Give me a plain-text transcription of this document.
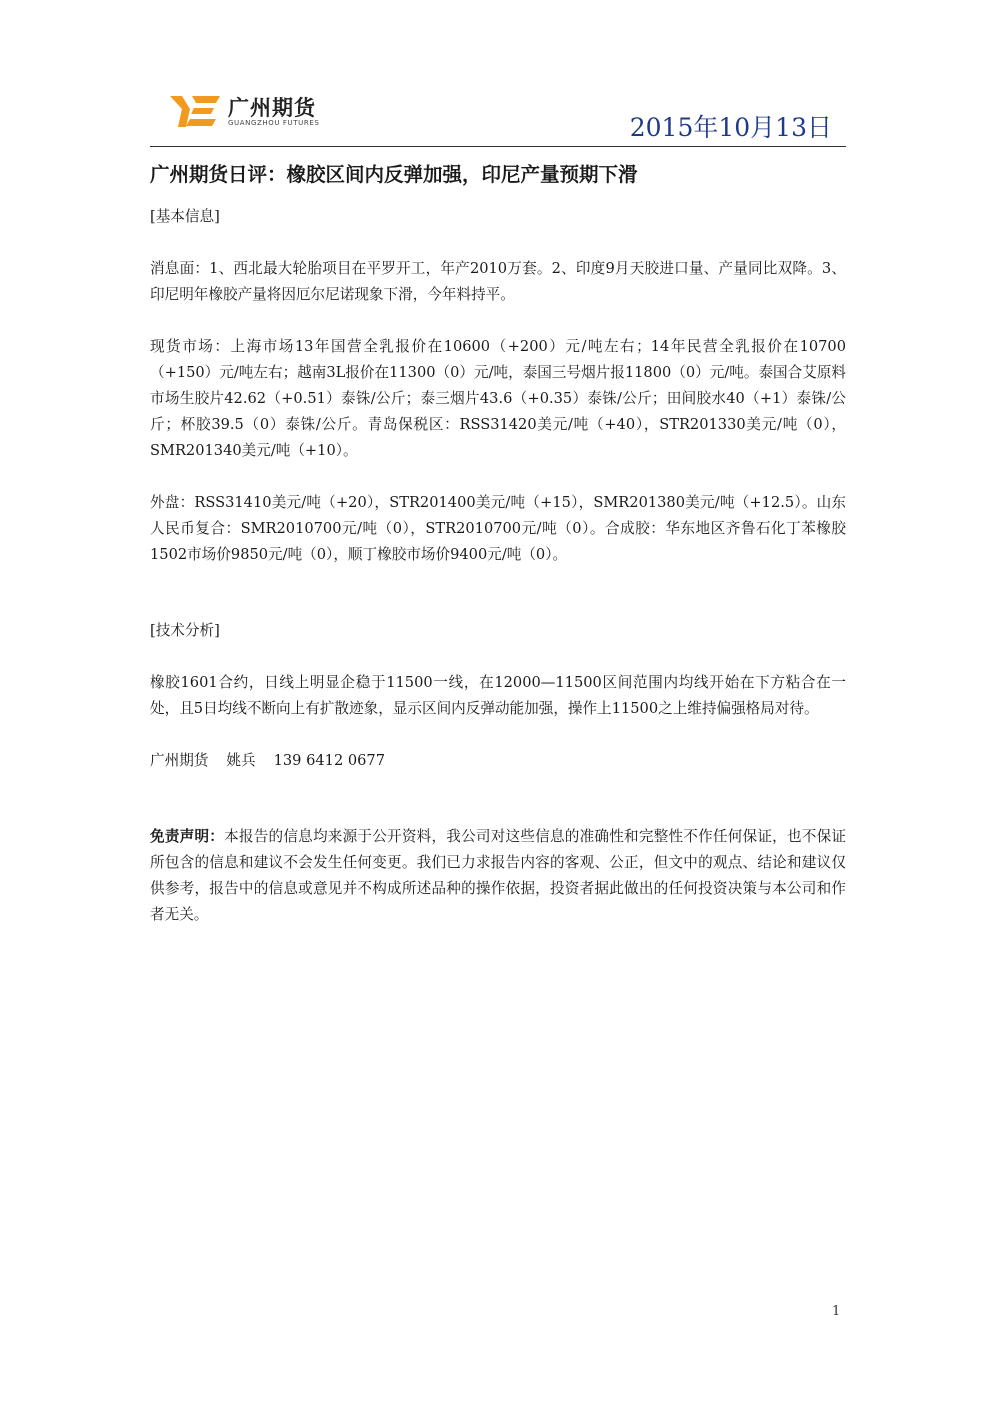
广州期货
GUANGZHOU FUTURES	2015年10月13日
广州期货日评：橡胶区间内反弹加强，印尼产量预期下滑

[基本信息]

消息面：1、西北最大轮胎项目在平罗开工，年产2010万套。2、印度9月天胶进口量、产量同比双降。3、印尼明年橡胶产量将因厄尔尼诺现象下滑，今年料持平。

现货市场：上海市场13年国营全乳报价在10600（+200）元/吨左右；14年民营全乳报价在10700（+150）元/吨左右；越南3L报价在11300（0）元/吨，泰国三号烟片报11800（0）元/吨。泰国合艾原料市场生胶片42.62（+0.51）泰铢/公斤；泰三烟片43.6（+0.35）泰铢/公斤；田间胶水40（+1）泰铢/公斤；杯胶39.5（0）泰铢/公斤。青岛保税区：RSS31420美元/吨（+40），STR201330美元/吨（0），SMR201340美元/吨（+10）。

外盘：RSS31410美元/吨（+20），STR201400美元/吨（+15），SMR201380美元/吨（+12.5）。山东人民币复合：SMR2010700元/吨（0），STR2010700元/吨（0）。合成胶：华东地区齐鲁石化丁苯橡胶1502市场价9850元/吨（0），顺丁橡胶市场价9400元/吨（0）。

[技术分析]

橡胶1601合约，日线上明显企稳于11500一线，在12000—11500区间范围内均线开始在下方粘合在一处，且5日均线不断向上有扩散迹象，显示区间内反弹动能加强，操作上11500之上维持偏强格局对待。

广州期货 姚兵 139 6412 0677

免责声明：本报告的信息均来源于公开资料，我公司对这些信息的准确性和完整性不作任何保证，也不保证所包含的信息和建议不会发生任何变更。我们已力求报告内容的客观、公正，但文中的观点、结论和建议仅供参考，报告中的信息或意见并不构成所述品种的操作依据，投资者据此做出的任何投资决策与本公司和作者无关。

1
